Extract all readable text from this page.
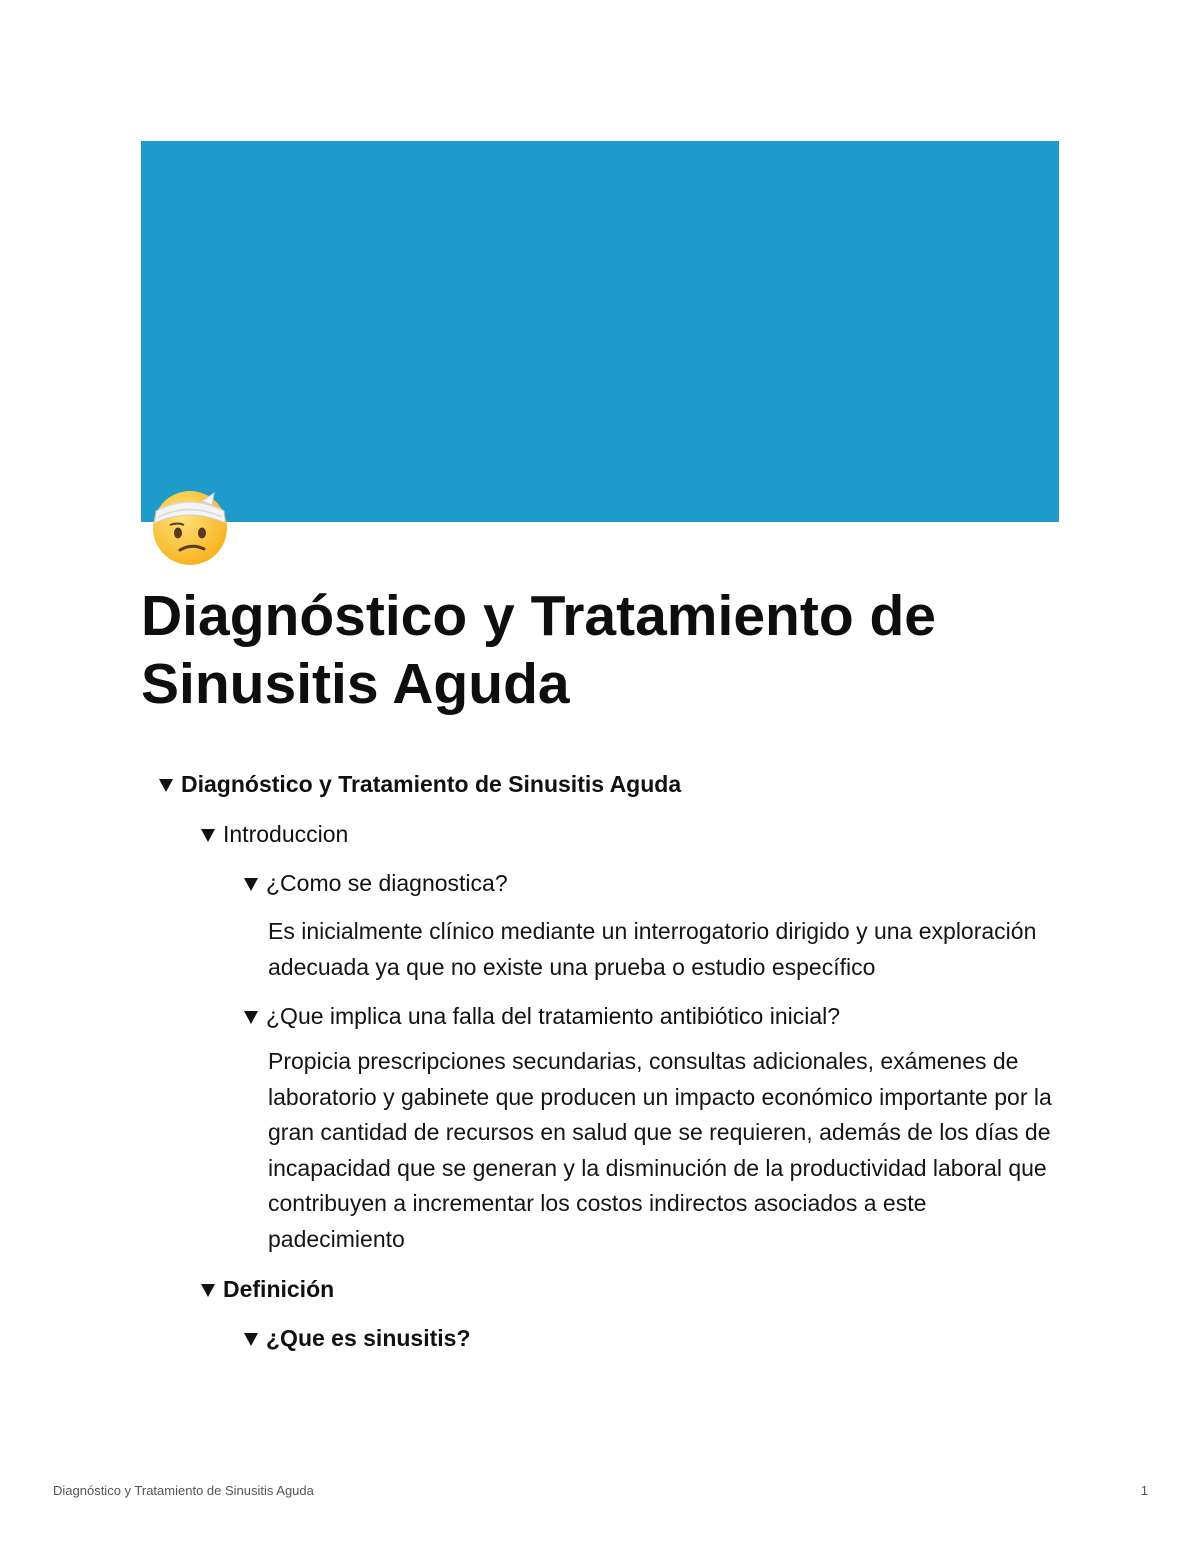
Diagnóstico y Tratamiento de Sinusitis Aguda
Diagnóstico y Tratamiento de Sinusitis Aguda
Introduccion
¿Como se diagnostica?

Es inicialmente clínico mediante un interrogatorio dirigido y una exploración adecuada ya que no existe una prueba o estudio específico

¿Que implica una falla del tratamiento antibiótico inicial?

Propicia prescripciones secundarias, consultas adicionales, exámenes de laboratorio y gabinete que producen un impacto económico importante por la gran cantidad de recursos en salud que se requieren, además de los días de incapacidad que se generan y la disminución de la productividad laboral que contribuyen a incrementar los costos indirectos asociados a este padecimiento

Definición
¿Que es sinusitis?
Diagnóstico y Tratamiento de Sinusitis Aguda	1
